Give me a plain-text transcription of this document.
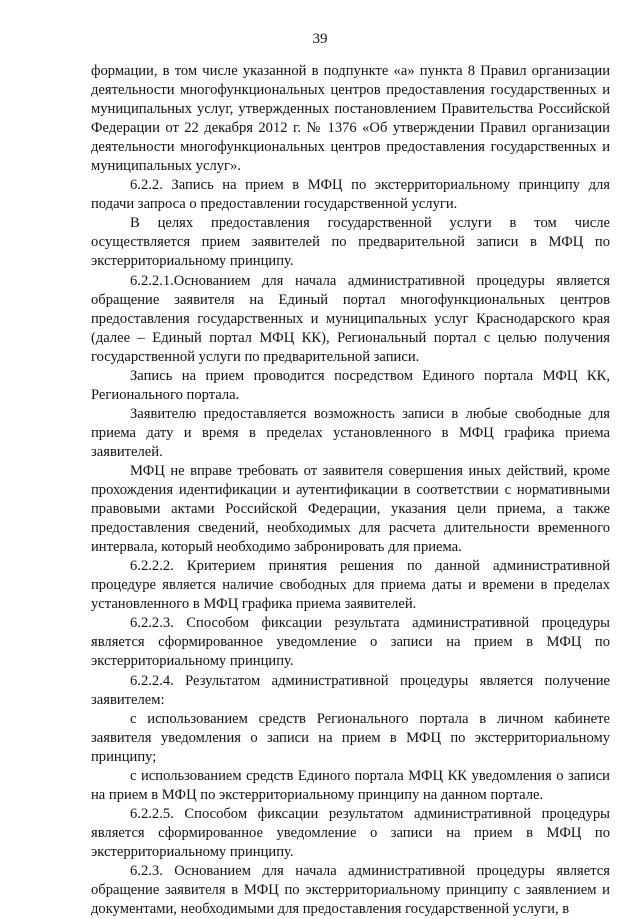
39

формации, в том числе указанной в подпункте «а» пункта 8 Правил организации деятельности многофункциональных центров предоставления государственных и муниципальных услуг, утвержденных постановлением Правительства Российской Федерации от 22 декабря 2012 г. № 1376 «Об утверждении Правил организации деятельности многофункциональных центров предоставления государственных и муниципальных услуг».

6.2.2. Запись на прием в МФЦ по экстерриториальному принципу для подачи запроса о предоставлении государственной услуги.

В целях предоставления государственной услуги в том числе осуществляется прием заявителей по предварительной записи в МФЦ по экстерриториальному принципу.

6.2.2.1.Основанием для начала административной процедуры является обращение заявителя на Единый портал многофункциональных центров предоставления государственных и муниципальных услуг Краснодарского края (далее – Единый портал МФЦ КК), Региональный портал с целью получения государственной услуги по предварительной записи.

Запись на прием проводится посредством Единого портала МФЦ КК, Регионального портала.

Заявителю предоставляется возможность записи в любые свободные для приема дату и время в пределах установленного в МФЦ графика приема заявителей.

МФЦ не вправе требовать от заявителя совершения иных действий, кроме прохождения идентификации и аутентификации в соответствии с нормативными правовыми актами Российской Федерации, указания цели приема, а также предоставления сведений, необходимых для расчета длительности временного интервала, который необходимо забронировать для приема.

6.2.2.2. Критерием принятия решения по данной административной процедуре является наличие свободных для приема даты и времени в пределах установленного в МФЦ графика приема заявителей.

6.2.2.3. Способом фиксации результата административной процедуры является сформированное уведомление о записи на прием в МФЦ по экстерриториальному принципу.

6.2.2.4. Результатом административной процедуры является получение заявителем:

с использованием средств Регионального портала в личном кабинете заявителя уведомления о записи на прием в МФЦ по экстерриториальному принципу;

с использованием средств Единого портала МФЦ КК уведомления о записи на прием в МФЦ по экстерриториальному принципу на данном портале.

6.2.2.5. Способом фиксации результатом административной процедуры является сформированное уведомление о записи на прием в МФЦ по экстерриториальному принципу.

6.2.3. Основанием для начала административной процедуры является обращение заявителя в МФЦ по экстерриториальному принципу с заявлением и документами, необходимыми для предоставления государственной услуги, в
